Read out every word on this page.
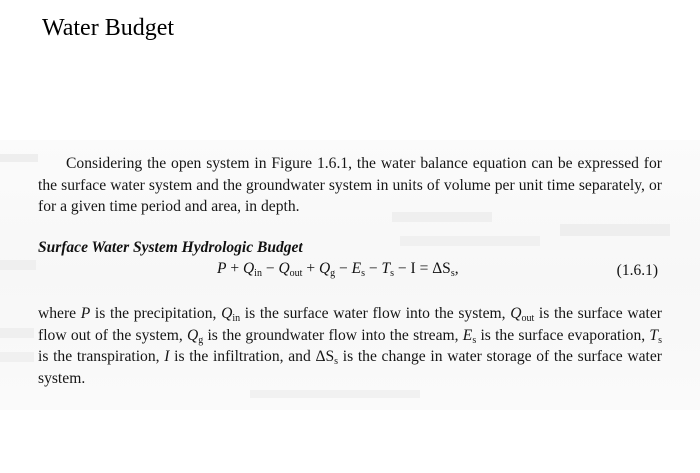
Water Budget
Considering the open system in Figure 1.6.1, the water balance equation can be expressed for the surface water system and the groundwater system in units of volume per unit time separately, or for a given time period and area, in depth.
Surface Water System Hydrologic Budget
$P + Q_{in} - Q_{out} + Q_g - E_s - T_s - I = \Delta S_s$,	(1.6.1)
where P is the precipitation, $Q_{in}$ is the surface water flow into the system, $Q_{out}$ is the surface water flow out of the system, $Q_g$ is the groundwater flow into the stream, $E_s$ is the surface evaporation, $T_s$ is the transpiration, I is the infiltration, and $\Delta S_s$ is the change in water storage of the surface water system.
